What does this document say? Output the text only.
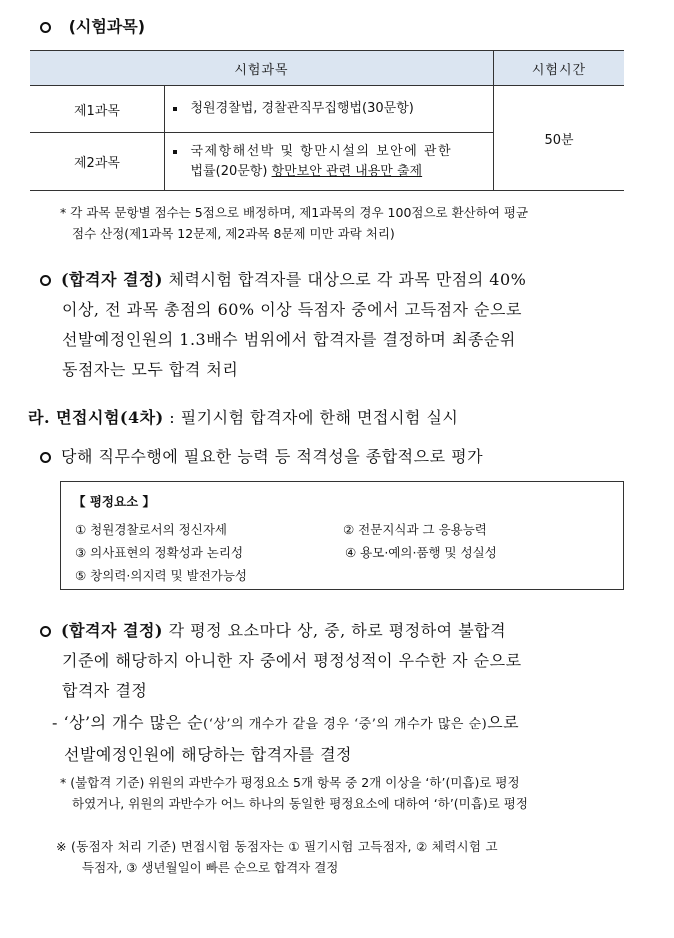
(시험과목)
시험과목		시험시간
제1과목	청원경찰법, 경찰관직무집행법(30문항)	50분
제2과목	국제항해선박 및 항만시설의 보안에 관한
법률(20문항) 항만보안 관련 내용만 출제	
* 각 과목 문항별 점수는 5점으로 배정하며, 제1과목의 경우 100점으로 환산하여 평균
점수 산정(제1과목 12문제, 제2과목 8문제 미만 과락 처리)
(합격자 결정) 체력시험 합격자를 대상으로 각 과목 만점의 40%
이상, 전 과목 총점의 60% 이상 득점자 중에서 고득점자 순으로
선발예정인원의 1.3배수 범위에서 합격자를 결정하며 최종순위
동점자는 모두 합격 처리
라. 면접시험(4차) : 필기시험 합격자에 한해 면접시험 실시
당해 직무수행에 필요한 능력 등 적격성을 종합적으로 평가
【 평정요소 】
① 청원경찰로서의 정신자세	② 전문지식과 그 응용능력
③ 의사표현의 정확성과 논리성	④ 용모·예의·품행 및 성실성
⑤ 창의력·의지력 및 발전가능성
(합격자 결정) 각 평정 요소마다 상, 중, 하로 평정하여 불합격
기준에 해당하지 아니한 자 중에서 평정성적이 우수한 자 순으로
합격자 결정
- ‘상’의 개수 많은 순(‘상’의 개수가 같을 경우 ‘중’의 개수가 많은 순)으로
선발예정인원에 해당하는 합격자를 결정
* (불합격 기준) 위원의 과반수가 평정요소 5개 항목 중 2개 이상을 ‘하’(미흡)로 평정
하였거나, 위원의 과반수가 어느 하나의 동일한 평정요소에 대하여 ‘하’(미흡)로 평정
※ (동점자 처리 기준) 면접시험 동점자는 ① 필기시험 고득점자, ② 체력시험 고
득점자, ③ 생년월일이 빠른 순으로 합격자 결정
